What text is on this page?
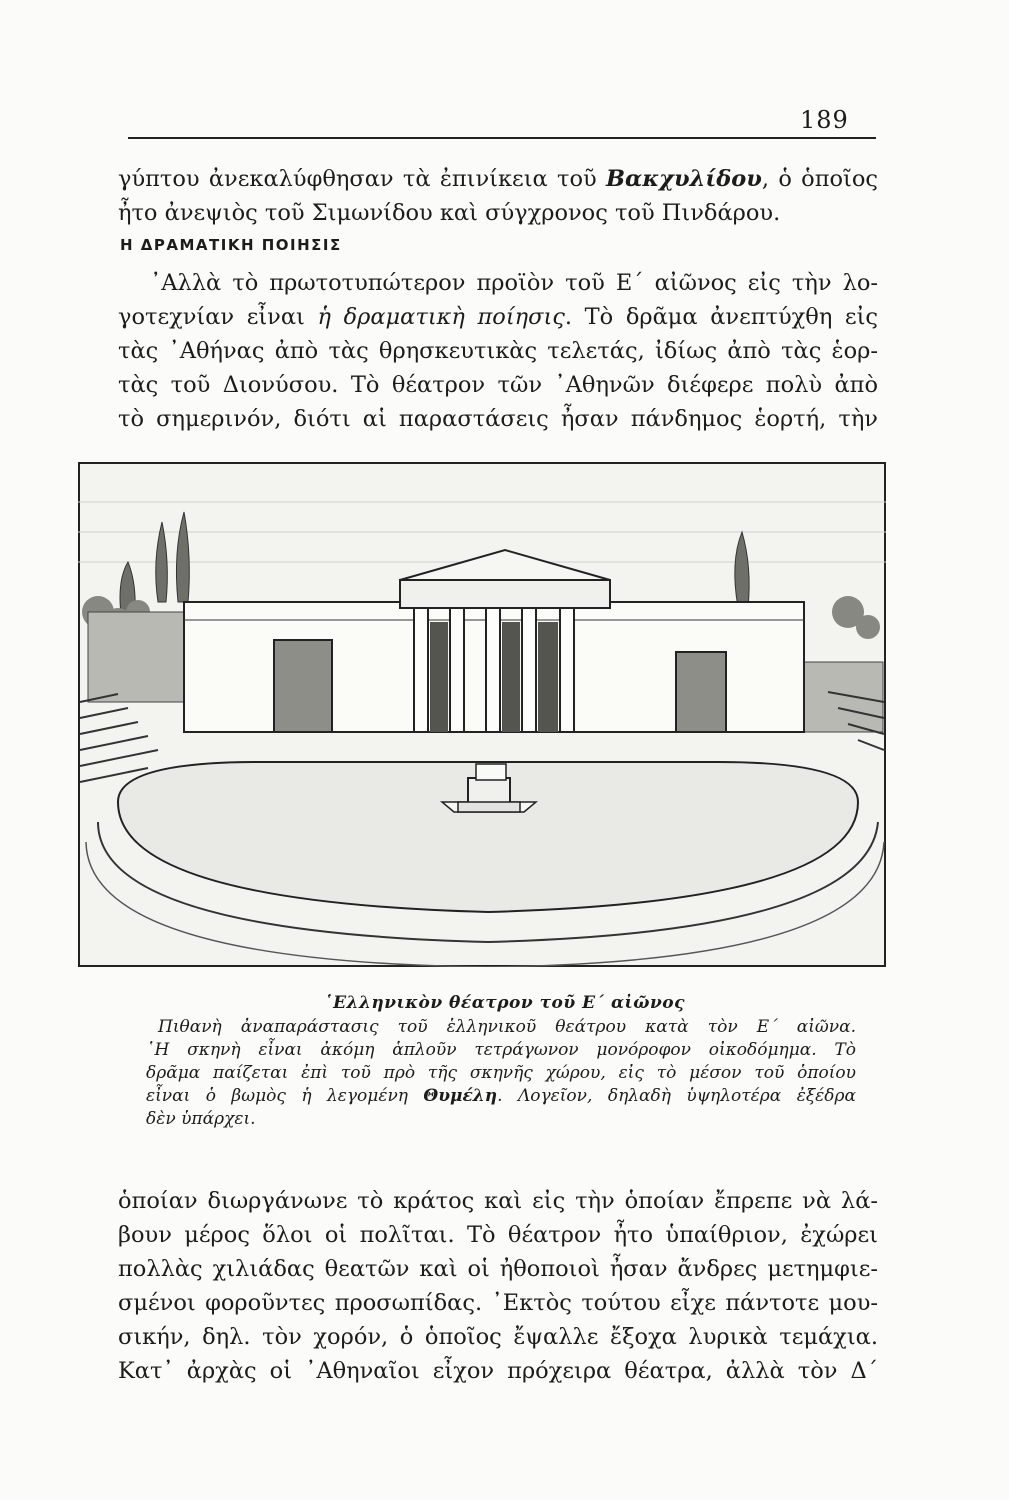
189
γύπτου ἀνεκαλύφθησαν τὰ ἐπινίκεια τοῦ Βακχυλίδου, ὁ ὁποῖος
ἦτο ἀνεψιὸς τοῦ Σιμωνίδου καὶ σύγχρονος τοῦ Πινδάρου.
Η ΔΡΑΜΑΤΙΚΗ ΠΟΙΗΣΙΣ
᾿Αλλὰ τὸ πρωτοτυπώτερον προϊὸν τοῦ Ε΄ αἰῶνος εἰς τὴν λο-
γοτεχνίαν εἶναι ἡ δραματικὴ ποίησις. Τὸ δρᾶμα ἀνεπτύχθη εἰς
τὰς ᾿Αθήνας ἀπὸ τὰς θρησκευτικὰς τελετάς, ἰδίως ἀπὸ τὰς ἑορ-
τὰς τοῦ Διονύσου. Τὸ θέατρον τῶν ᾿Αθηνῶν διέφερε πολὺ ἀπὸ
τὸ σημερινόν, διότι αἱ παραστάσεις ἦσαν πάνδημος ἑορτή, τὴν
῾Ελληνικὸν θέατρον τοῦ Ε΄ αἰῶνος
Πιθανὴ ἀναπαράστασις τοῦ ἑλληνικοῦ θεάτρου κατὰ τὸν Ε΄ αἰῶνα.
῾Η σκηνὴ εἶναι ἀκόμη ἁπλοῦν τετράγωνον μονόροφον οἰκοδόμημα. Τὸ
δρᾶμα παίζεται ἐπὶ τοῦ πρὸ τῆς σκηνῆς χώρου, εἰς τὸ μέσον τοῦ ὁποίου
εἶναι ὁ βωμὸς ἡ λεγομένη Θυμέλη. Λογεῖον, δηλαδὴ ὑψηλοτέρα ἐξέδρα
δὲν ὑπάρχει.
ὁποίαν διωργάνωνε τὸ κράτος καὶ εἰς τὴν ὁποίαν ἔπρεπε νὰ λά-
βουν μέρος ὅλοι οἱ πολῖται. Τὸ θέατρον ἦτο ὑπαίθριον, ἐχώρει
πολλὰς χιλιάδας θεατῶν καὶ οἱ ἠθοποιοὶ ἦσαν ἄνδρες μετημφιε-
σμένοι φοροῦντες προσωπίδας. ᾿Εκτὸς τούτου εἶχε πάντοτε μου-
σικήν, δηλ. τὸν χορόν, ὁ ὁποῖος ἔψαλλε ἔξοχα λυρικὰ τεμάχια.
Κατ᾿ ἀρχὰς οἱ ᾿Αθηναῖοι εἶχον πρόχειρα θέατρα, ἀλλὰ τὸν Δ΄
